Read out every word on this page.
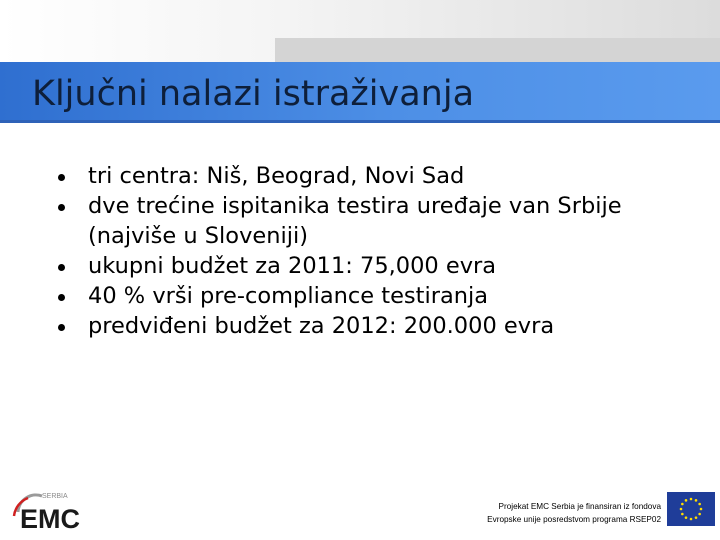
Ključni nalazi istraživanja
tri centra: Niš, Beograd, Novi Sad
dve trećine ispitanika testira uređaje van Srbije (najviše u Sloveniji)
ukupni budžet za 2011: 75,000 evra
40 % vrši pre-compliance testiranja
predviđeni budžet za 2012: 200.000 evra
SERBIA
EMC	Projekat EMC Serbia je finansiran iz fondova
Evropske unije posredstvom programa RSEP02
